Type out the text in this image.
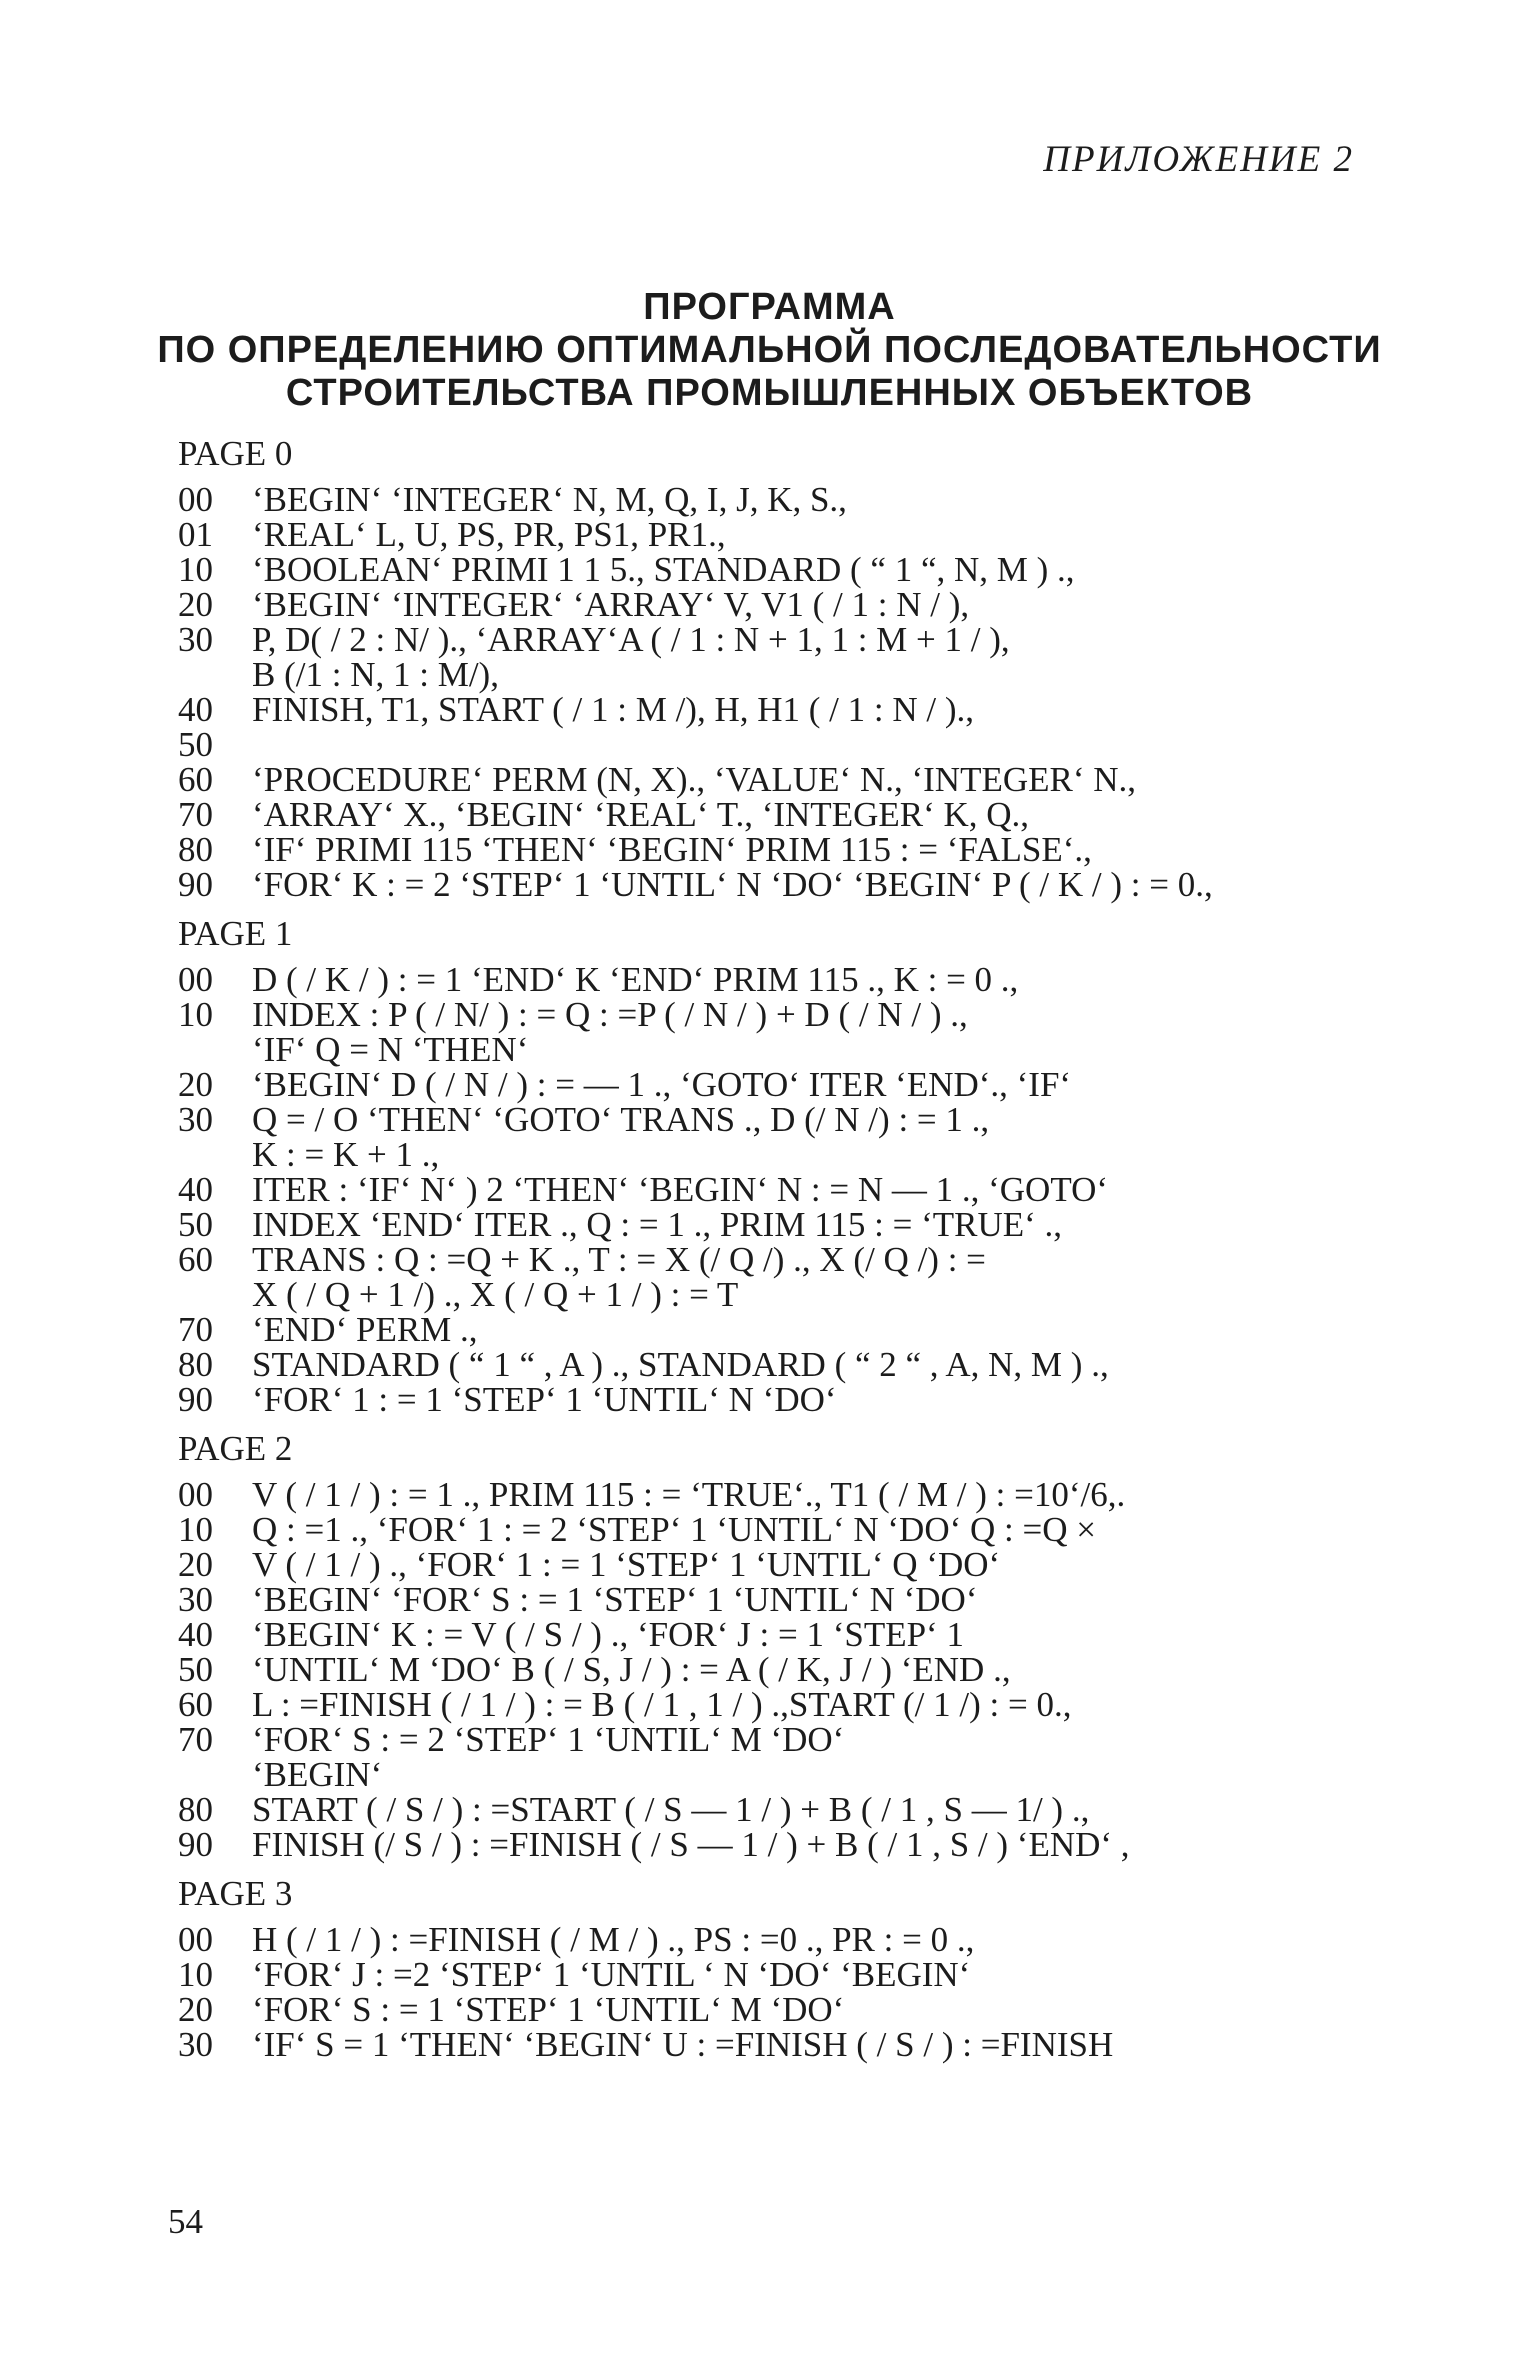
ПРИЛОЖЕНИЕ 2
ПРОГРАММА
ПО ОПРЕДЕЛЕНИЮ ОПТИМАЛЬНОЙ ПОСЛЕДОВАТЕЛЬНОСТИ
СТРОИТЕЛЬСТВА ПРОМЫШЛЕННЫХ ОБЪЕКТОВ
PAGE 0
00	‘BEGIN‘ ‘INTEGER‘ N, M, Q, I, J, K, S.,
01	‘REAL‘ L, U, PS, PR, PS1, PR1.,
10	‘BOOLEAN‘ PRIMI 1 1 5., STANDARD ( “ 1 “, N, M ) .,
20	‘BEGIN‘ ‘INTEGER‘ ‘ARRAY‘ V, V1 ( / 1 : N / ),
30	P, D( / 2 : N/ )., ‘ARRAY‘A ( / 1 : N + 1, 1 : M + 1 / ),
B (/1 : N, 1 : M/),
40	FINISH, T1, START ( / 1 : M /), H, H1 ( / 1 : N / ).,
50
60	‘PROCEDURE‘ PERM (N, X)., ‘VALUE‘ N., ‘INTEGER‘ N.,
70	‘ARRAY‘ X., ‘BEGIN‘ ‘REAL‘ T., ‘INTEGER‘ K, Q.,
80	‘IF‘ PRIMI 115 ‘THEN‘ ‘BEGIN‘ PRIM 115 : = ‘FALSE‘.,
90	‘FOR‘ K : = 2 ‘STEP‘ 1 ‘UNTIL‘ N ‘DO‘ ‘BEGIN‘ P ( / K / ) : = 0.,
PAGE 1
00	D ( / K / ) : = 1 ‘END‘ K ‘END‘ PRIM 115 ., K : = 0 .,
10	INDEX : P ( / N/ ) : = Q : =P ( / N / ) + D ( / N / ) .,
‘IF‘ Q = N ‘THEN‘
20	‘BEGIN‘ D ( / N / ) : = — 1 ., ‘GOTO‘ ITER ‘END‘., ‘IF‘
30	Q = / O ‘THEN‘ ‘GOTO‘ TRANS ., D (/ N /) : = 1 .,
K : = K + 1 .,
40	ITER : ‘IF‘ N‘ ) 2 ‘THEN‘ ‘BEGIN‘ N : = N — 1 ., ‘GOTO‘
50	INDEX ‘END‘ ITER ., Q : = 1 ., PRIM 115 : = ‘TRUE‘ .,
60	TRANS : Q : =Q + K ., T : = X (/ Q /) ., X (/ Q /) : =
X ( / Q + 1 /) ., X ( / Q + 1 / ) : = T
70	‘END‘ PERM .,
80	STANDARD ( “ 1 “ , A ) ., STANDARD ( “ 2 “ , A, N, M ) .,
90	‘FOR‘ 1 : = 1 ‘STEP‘ 1 ‘UNTIL‘ N ‘DO‘
PAGE 2
00	V ( / 1 / ) : = 1 ., PRIM 115 : = ‘TRUE‘., T1 ( / M / ) : =10‘/6,.
10	Q : =1 ., ‘FOR‘ 1 : = 2 ‘STEP‘ 1 ‘UNTIL‘ N ‘DO‘ Q : =Q ×
20	V ( / 1 / ) ., ‘FOR‘ 1 : = 1 ‘STEP‘ 1 ‘UNTIL‘ Q ‘DO‘
30	‘BEGIN‘ ‘FOR‘ S : = 1 ‘STEP‘ 1 ‘UNTIL‘ N ‘DO‘
40	‘BEGIN‘ K : = V ( / S / ) ., ‘FOR‘ J : = 1 ‘STEP‘ 1
50	‘UNTIL‘ M ‘DO‘ B ( / S, J / ) : = A ( / K, J / ) ‘END .,
60	L : =FINISH ( / 1 / ) : = B ( / 1 , 1 / ) .,START (/ 1 /) : = 0.,
70	‘FOR‘ S : = 2 ‘STEP‘ 1 ‘UNTIL‘ M ‘DO‘
‘BEGIN‘
80	START ( / S / ) : =START ( / S — 1 / ) + B ( / 1 , S — 1/ ) .,
90	FINISH (/ S / ) : =FINISH ( / S — 1 / ) + B ( / 1 , S / ) ‘END‘ ,
PAGE 3
00	H ( / 1 / ) : =FINISH ( / M / ) ., PS : =0 ., PR : = 0 .,
10	‘FOR‘ J : =2 ‘STEP‘ 1 ‘UNTIL ‘ N ‘DO‘ ‘BEGIN‘
20	‘FOR‘ S : = 1 ‘STEP‘ 1 ‘UNTIL‘ M ‘DO‘
30	‘IF‘ S = 1 ‘THEN‘ ‘BEGIN‘ U : =FINISH ( / S / ) : =FINISH
54
